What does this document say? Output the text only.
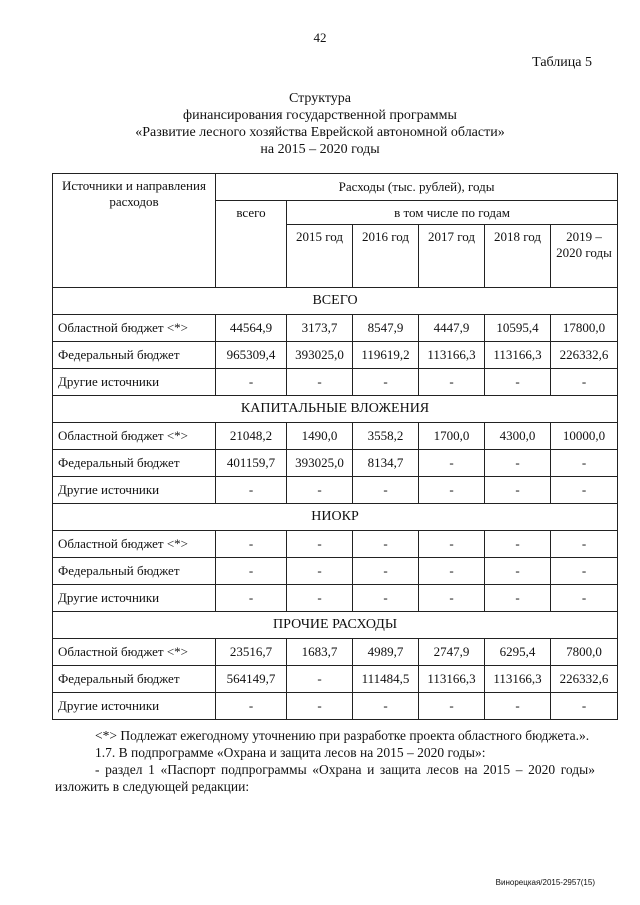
42
Таблица 5
Структура
финансирования государственной программы
«Развитие лесного хозяйства Еврейской автономной области»
на 2015 – 2020 годы
Источники и направления расходов	Расходы (тыс. рублей), годы					
	всего	в том числе по годам				
		2015 год	2016 год	2017 год	2018 год	2019 – 2020 годы
ВСЕГО						
Областной бюджет <*>	44564,9	3173,7	8547,9	4447,9	10595,4	17800,0
Федеральный бюджет	965309,4	393025,0	119619,2	113166,3	113166,3	226332,6
Другие источники	-	-	-	-	-	-
КАПИТАЛЬНЫЕ ВЛОЖЕНИЯ						
Областной бюджет <*>	21048,2	1490,0	3558,2	1700,0	4300,0	10000,0
Федеральный бюджет	401159,7	393025,0	8134,7	-	-	-
Другие источники	-	-	-	-	-	-
НИОКР						
Областной бюджет <*>	-	-	-	-	-	-
Федеральный бюджет	-	-	-	-	-	-
Другие источники	-	-	-	-	-	-
ПРОЧИЕ РАСХОДЫ						
Областной бюджет <*>	23516,7	1683,7	4989,7	2747,9	6295,4	7800,0
Федеральный бюджет	564149,7	-	111484,5	113166,3	113166,3	226332,6
Другие источники	-	-	-	-	-	-
<*> Подлежат ежегодному уточнению при разработке проекта областного бюджета.».
1.7. В подпрограмме «Охрана и защита лесов на 2015 – 2020 годы»:
- раздел 1 «Паспорт подпрограммы «Охрана и защита лесов на 2015 – 2020 годы» изложить в следующей редакции:
Винорецкая/2015-2957(15)
